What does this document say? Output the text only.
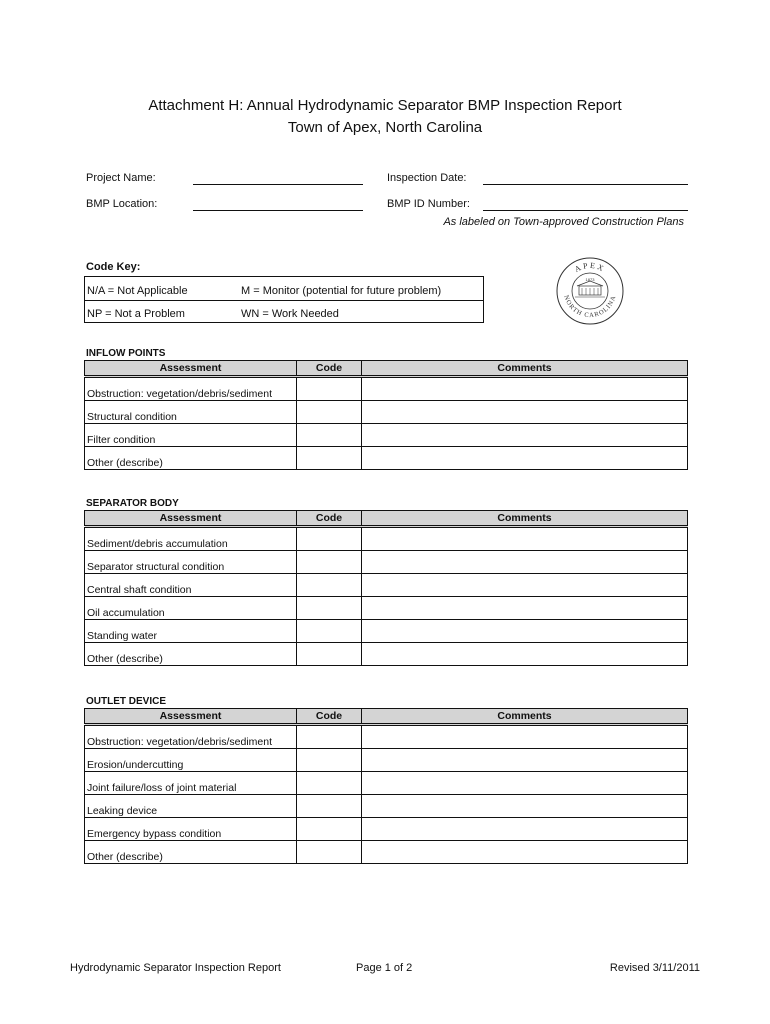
Attachment H: Annual Hydrodynamic Separator BMP Inspection Report
Town of Apex, North Carolina
Project Name:	Inspection Date:
BMP Location:	BMP ID Number:
As labeled on Town-approved Construction Plans
Code Key:
N/A = Not Applicable	M = Monitor (potential for future problem)
NP = Not a Problem	WN = Work Needed
APEX
NORTH CAROLINA
1873
INFLOW POINTS
Assessment	Code	Comments
Obstruction: vegetation/debris/sediment		
Structural condition		
Filter condition		
Other (describe)		
SEPARATOR BODY
Assessment	Code	Comments
Sediment/debris accumulation		
Separator structural condition		
Central shaft condition		
Oil accumulation		
Standing water		
Other (describe)		
OUTLET DEVICE
Assessment	Code	Comments
Obstruction: vegetation/debris/sediment		
Erosion/undercutting		
Joint failure/loss of joint material		
Leaking device		
Emergency bypass condition		
Other (describe)		
Hydrodynamic Separator Inspection Report	Page 1 of 2	Revised 3/11/2011
